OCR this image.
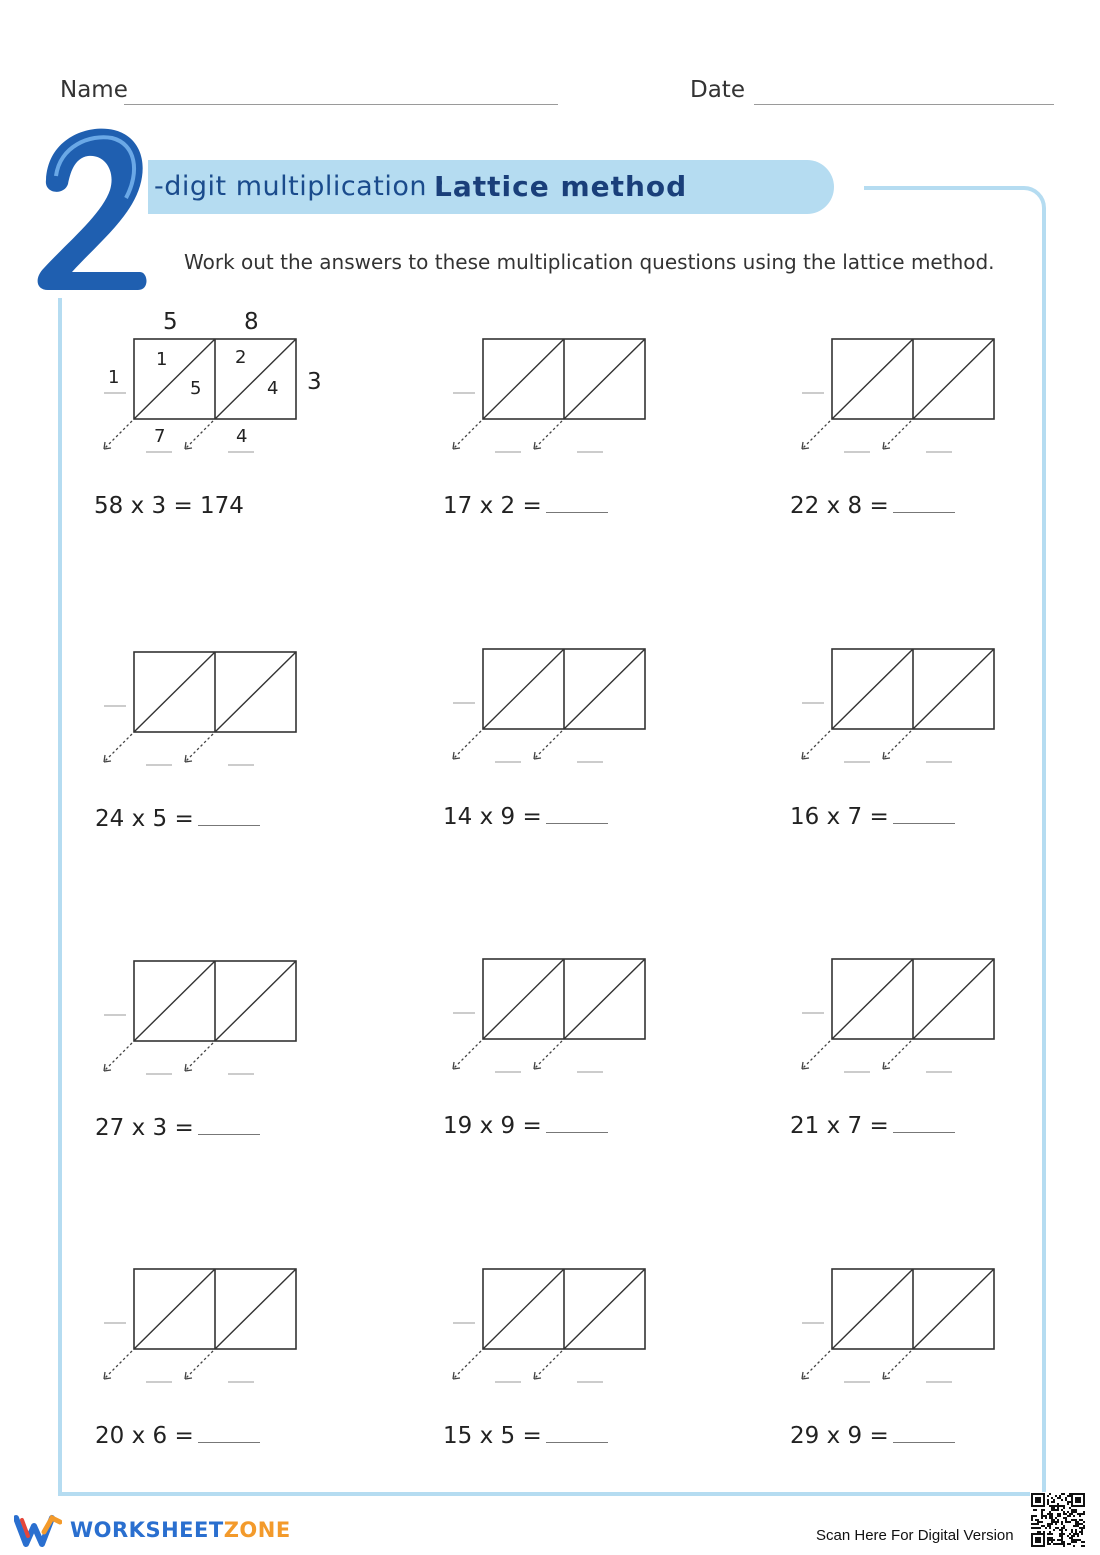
Name	Date
-digit multiplication :
Lattice method
Work out the answers to these multiplication questions using the lattice method.
5	8
3
1
5
2
4
1
7	4
58 x 3 = 174	17 x 2 =	22 x 8 =
24 x 5 =	14 x 9 =	16 x 7 =
27 x 3 =	19 x 9 =	21 x 7 =
20 x 6 =	15 x 5 =	29 x 9 =
WORKSHEETZONE	Scan Here For Digital Version
